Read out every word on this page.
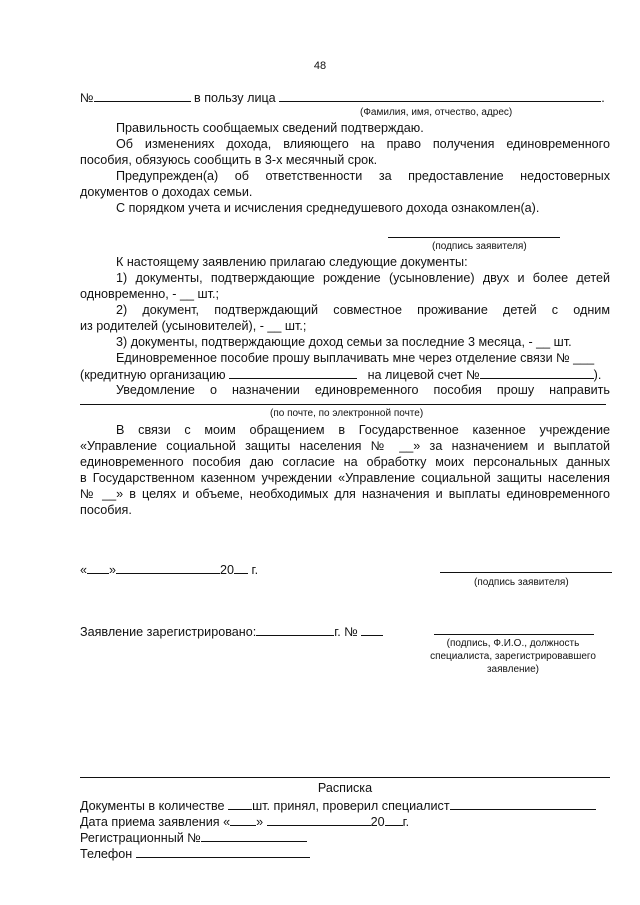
48
№	в пользу лица	.
(Фамилия, имя, отчество, адрес)
Правильность сообщаемых сведений подтверждаю.
Об изменениях дохода, влияющего на право получения единовременного
пособия, обязуюсь сообщить в 3-х месячный срок.
Предупрежден(а) об ответственности за предоставление недостоверных
документов о доходах семьи.
С порядком учета и исчисления среднедушевого дохода ознакомлен(а).
(подпись заявителя)
К настоящему заявлению прилагаю следующие документы:
1) документы, подтверждающие рождение (усыновление) двух и более детей
одновременно, - __ шт.;
2) документ, подтверждающий совместное проживание детей с одним
из родителей (усыновителей), - __ шт.;
3) документы, подтверждающие доход семьи за последние 3 месяца, - __ шт.
Единовременное пособие прошу выплачивать мне через отделение связи № ___
(кредитную организацию	на лицевой счет №	).
Уведомление о назначении единовременного пособия прошу направить
(по почте, по электронной почте)
В связи с моим обращением в Государственное казенное учреждение
«Управление социальной защиты населения № __» за назначением и выплатой
единовременного пособия даю согласие на обработку моих персональных данных
в Государственном казенном учреждении «Управление социальной защиты населения
№ __» в целях и объеме, необходимых для назначения и выплаты единовременного
пособия.
« »	20 г.
(подпись заявителя)
Заявление зарегистрировано:	г. №
(подпись, Ф.И.О., должность
специалиста, зарегистрировавшего
заявление)
Расписка
Документы в количестве шт. принял, проверил специалист
Дата приема заявления « »	20 г.
Регистрационный №
Телефон
